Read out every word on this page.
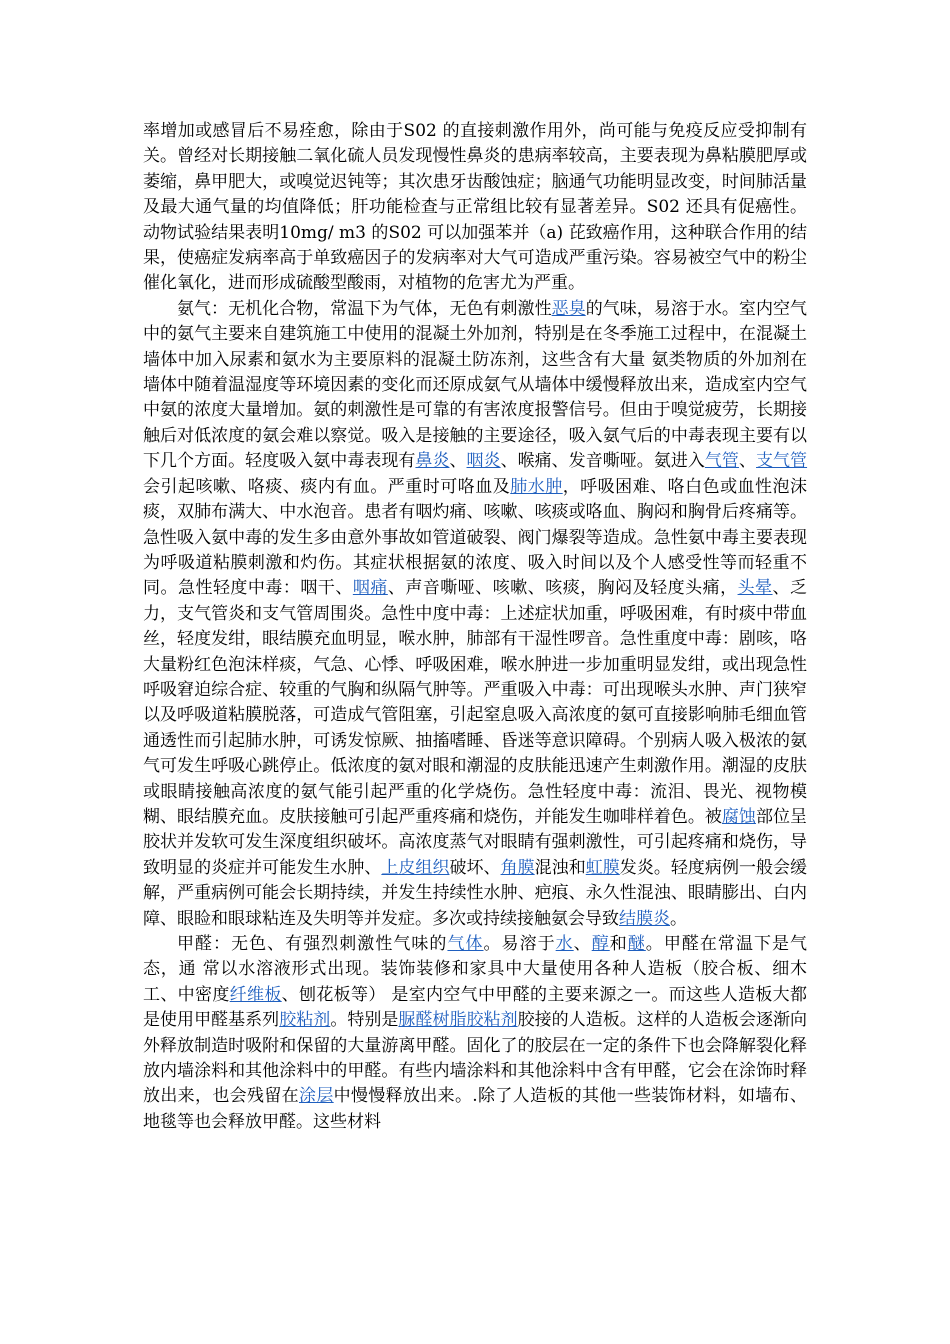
率增加或感冒后不易痊愈，除由于S02 的直接刺激作用外，尚可能与免疫反应受抑制有关。曾经对长期接触二氧化硫人员发现慢性鼻炎的患病率较高，主要表现为鼻粘膜肥厚或萎缩，鼻甲肥大，或嗅觉迟钝等；其次患牙齿酸蚀症；脑通气功能明显改变，时间肺活量及最大通气量的均值降低；肝功能检查与正常组比较有显著差异。S02 还具有促癌性。动物试验结果表明10mg/ m3 的S02 可以加强苯并（a) 芘致癌作用，这种联合作用的结果，使癌症发病率高于单致癌因子的发病率对大气可造成严重污染。容易被空气中的粉尘催化氧化，进而形成硫酸型酸雨，对植物的危害尤为严重。

氨气：无机化合物，常温下为气体，无色有刺激性恶臭的气味，易溶于水。室内空气中的氨气主要来自建筑施工中使用的混凝土外加剂，特别是在冬季施工过程中，在混凝土墙体中加入尿素和氨水为主要原料的混凝土防冻剂，这些含有大量 氨类物质的外加剂在墙体中随着温湿度等环境因素的变化而还原成氨气从墙体中缓慢释放出来，造成室内空气中氨的浓度大量增加。氨的刺激性是可靠的有害浓度报警信号。但由于嗅觉疲劳，长期接触后对低浓度的氨会难以察觉。吸入是接触的主要途径，吸入氨气后的中毒表现主要有以下几个方面。轻度吸入氨中毒表现有鼻炎、咽炎、喉痛、发音嘶哑。氨进入气管、支气管会引起咳嗽、咯痰、痰内有血。严重时可咯血及肺水肿，呼吸困难、咯白色或血性泡沫痰，双肺布满大、中水泡音。患者有咽灼痛、咳嗽、咳痰或咯血、胸闷和胸骨后疼痛等。急性吸入氨中毒的发生多由意外事故如管道破裂、阀门爆裂等造成。急性氨中毒主要表现为呼吸道粘膜刺激和灼伤。其症状根据氨的浓度、吸入时间以及个人感受性等而轻重不同。急性轻度中毒：咽干、咽痛、声音嘶哑、咳嗽、咳痰，胸闷及轻度头痛，头晕、乏力，支气管炎和支气管周围炎。急性中度中毒：上述症状加重，呼吸困难，有时痰中带血丝，轻度发绀，眼结膜充血明显，喉水肿，肺部有干湿性啰音。急性重度中毒：剧咳，咯大量粉红色泡沫样痰，气急、心悸、呼吸困难，喉水肿进一步加重明显发绀，或出现急性呼吸窘迫综合症、较重的气胸和纵隔气肿等。严重吸入中毒：可出现喉头水肿、声门狭窄以及呼吸道粘膜脱落，可造成气管阻塞，引起窒息吸入高浓度的氨可直接影响肺毛细血管通透性而引起肺水肿，可诱发惊厥、抽搐嗜睡、昏迷等意识障碍。个别病人吸入极浓的氨气可发生呼吸心跳停止。低浓度的氨对眼和潮湿的皮肤能迅速产生刺激作用。潮湿的皮肤或眼睛接触高浓度的氨气能引起严重的化学烧伤。急性轻度中毒：流泪、畏光、视物模糊、眼结膜充血。皮肤接触可引起严重疼痛和烧伤，并能发生咖啡样着色。被腐蚀部位呈胶状并发软可发生深度组织破坏。高浓度蒸气对眼睛有强刺激性，可引起疼痛和烧伤，导致明显的炎症并可能发生水肿、上皮组织破坏、角膜混浊和虹膜发炎。轻度病例一般会缓解，严重病例可能会长期持续，并发生持续性水肿、疤痕、永久性混浊、眼睛膨出、白内障、眼睑和眼球粘连及失明等并发症。多次或持续接触氨会导致结膜炎。

甲醛：无色、有强烈刺激性气味的气体。易溶于水、醇和醚。甲醛在常温下是气 态，通 常以水溶液形式出现。装饰装修和家具中大量使用各种人造板（胶合板、细木工、中密度纤维板、刨花板等） 是室内空气中甲醛的主要来源之一。而这些人造板大都是使用甲醛基系列胶粘剂。特别是脲醛树脂胶粘剂胶接的人造板。这样的人造板会逐渐向外释放制造时吸附和保留的大量游离甲醛。固化了的胶层在一定的条件下也会降解裂化释放内墙涂料和其他涂料中的甲醛。有些内墙涂料和其他涂料中含有甲醛，它会在涂饰时释放出来，也会残留在涂层中慢慢释放出来。.除了人造板的其他一些装饰材料，如墙布、地毯等也会释放甲醛。这些材料
